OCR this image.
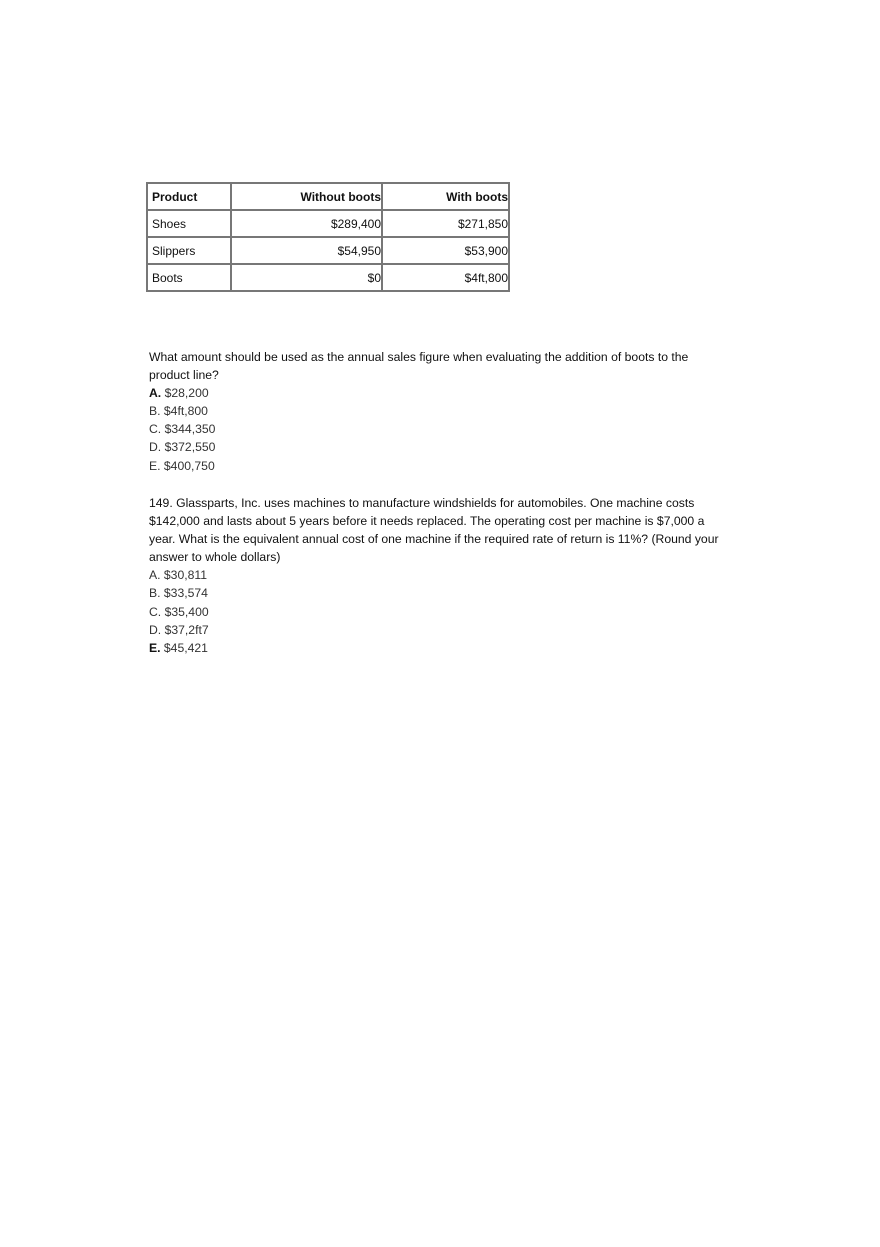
Product	Without boots	With boots
Shoes	$289,400	$271,850
Slippers	$54,950	$53,900
Boots	$0	$4ft,800
What amount should be used as the annual sales figure when evaluating the addition of boots to the product line?
A. $28,200
B. $4ft,800
C. $344,350
D. $372,550
E. $400,750
149. Glassparts, Inc. uses machines to manufacture windshields for automobiles. One machine costs $142,000 and lasts about 5 years before it needs replaced. The operating cost per machine is $7,000 a year. What is the equivalent annual cost of one machine if the required rate of return is 11%? (Round your answer to whole dollars)
A. $30,811
B. $33,574
C. $35,400
D. $37,2ft7
E. $45,421
